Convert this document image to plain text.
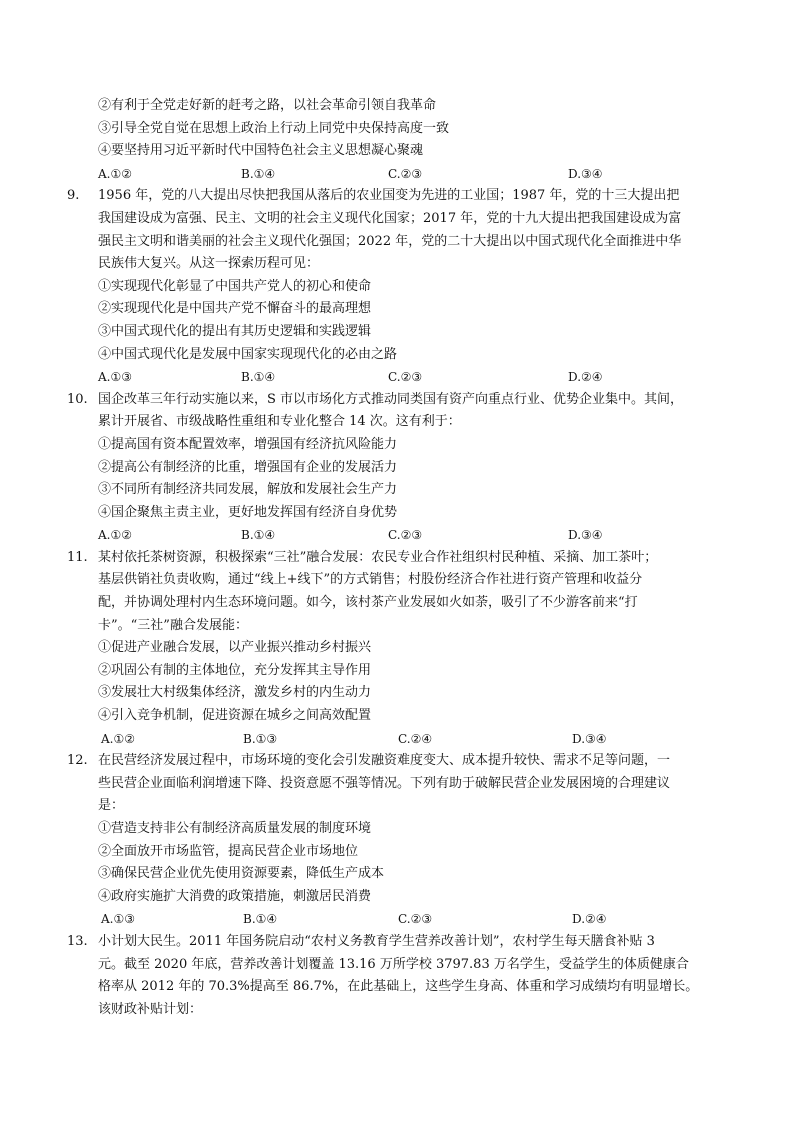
②有利于全党走好新的赶考之路，以社会革命引领自我革命
③引导全党自觉在思想上政治上行动上同党中央保持高度一致
④要坚持用习近平新时代中国特色社会主义思想凝心聚魂
A.①②	B.①④	C.②③	D.③④
9. 1956 年，党的八大提出尽快把我国从落后的农业国变为先进的工业国；1987 年，党的十三大提出把
我国建设成为富强、民主、文明的社会主义现代化国家；2017 年，党的十九大提出把我国建设成为富
强民主文明和谐美丽的社会主义现代化强国；2022 年，党的二十大提出以中国式现代化全面推进中华
民族伟大复兴。从这一探索历程可见：
①实现现代化彰显了中国共产党人的初心和使命
②实现现代化是中国共产党不懈奋斗的最高理想
③中国式现代化的提出有其历史逻辑和实践逻辑
④中国式现代化是发展中国家实现现代化的必由之路
A.①③	B.①④	C.②③	D.②④
10. 国企改革三年行动实施以来，S 市以市场化方式推动同类国有资产向重点行业、优势企业集中。其间，
累计开展省、市级战略性重组和专业化整合 14 次。这有利于：
①提高国有资本配置效率，增强国有经济抗风险能力
②提高公有制经济的比重，增强国有企业的发展活力
③不同所有制经济共同发展，解放和发展社会生产力
④国企聚焦主责主业，更好地发挥国有经济自身优势
A.①②	B.①④	C.②③	D.③④
11. 某村依托茶树资源，积极探索“三社”融合发展：农民专业合作社组织村民种植、采摘、加工茶叶；
基层供销社负责收购，通过“线上+线下”的方式销售；村股份经济合作社进行资产管理和收益分
配，并协调处理村内生态环境问题。如今，该村茶产业发展如火如荼，吸引了不少游客前来“打
卡”。“三社”融合发展能：
①促进产业融合发展，以产业振兴推动乡村振兴
②巩固公有制的主体地位，充分发挥其主导作用
③发展壮大村级集体经济，激发乡村的内生动力
④引入竞争机制，促进资源在城乡之间高效配置
A.①②	B.①③	C.②④	D.③④
12. 在民营经济发展过程中，市场环境的变化会引发融资难度变大、成本提升较快、需求不足等问题，一
些民营企业面临利润增速下降、投资意愿不强等情况。下列有助于破解民营企业发展困境的合理建议
是：
①营造支持非公有制经济高质量发展的制度环境
②全面放开市场监管，提高民营企业市场地位
③确保民营企业优先使用资源要素，降低生产成本
④政府实施扩大消费的政策措施，刺激居民消费
A.①③	B.①④	C.②③	D.②④
13. 小计划大民生。2011 年国务院启动“农村义务教育学生营养改善计划”，农村学生每天膳食补贴 3
元。截至 2020 年底，营养改善计划覆盖 13.16 万所学校 3797.83 万名学生，受益学生的体质健康合
格率从 2012 年的 70.3%提高至 86.7%，在此基础上，这些学生身高、体重和学习成绩均有明显增长。
该财政补贴计划：
